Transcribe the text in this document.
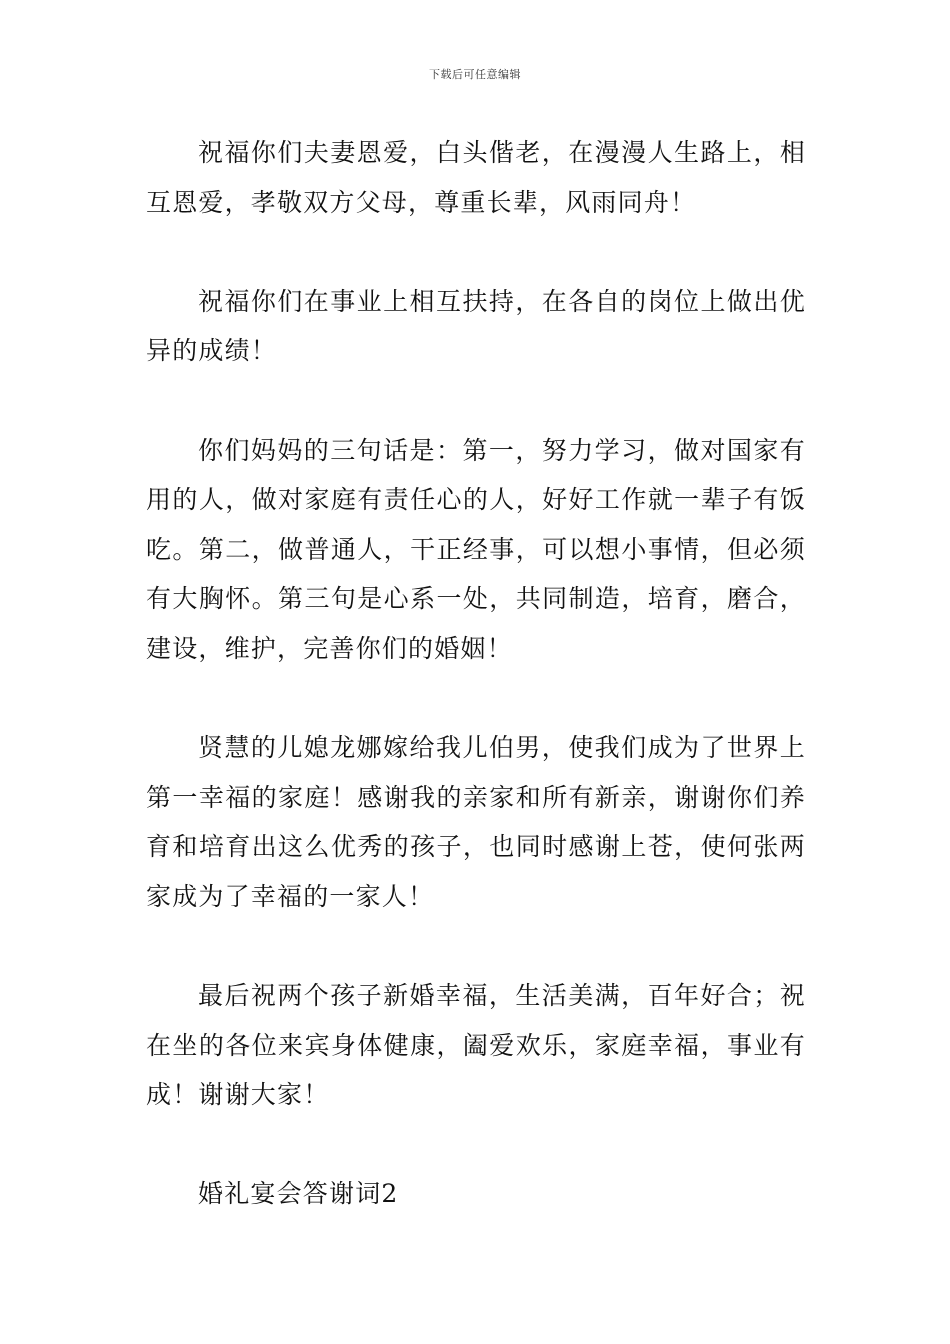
下载后可任意编辑

祝福你们夫妻恩爱，白头偕老，在漫漫人生路上，相互恩爱，孝敬双方父母，尊重长辈，风雨同舟！

祝福你们在事业上相互扶持，在各自的岗位上做出优异的成绩！

你们妈妈的三句话是：第一，努力学习，做对国家有用的人，做对家庭有责任心的人，好好工作就一辈子有饭吃。第二，做普通人，干正经事，可以想小事情，但必须有大胸怀。第三句是心系一处，共同制造，培育，磨合，建设，维护，完善你们的婚姻！

贤慧的儿媳龙娜嫁给我儿伯男，使我们成为了世界上第一幸福的家庭！感谢我的亲家和所有新亲，谢谢你们养育和培育出这么优秀的孩子，也同时感谢上苍，使何张两家成为了幸福的一家人！

最后祝两个孩子新婚幸福，生活美满，百年好合；祝在坐的各位来宾身体健康，阖爱欢乐，家庭幸福，事业有成！谢谢大家！

婚礼宴会答谢词2
